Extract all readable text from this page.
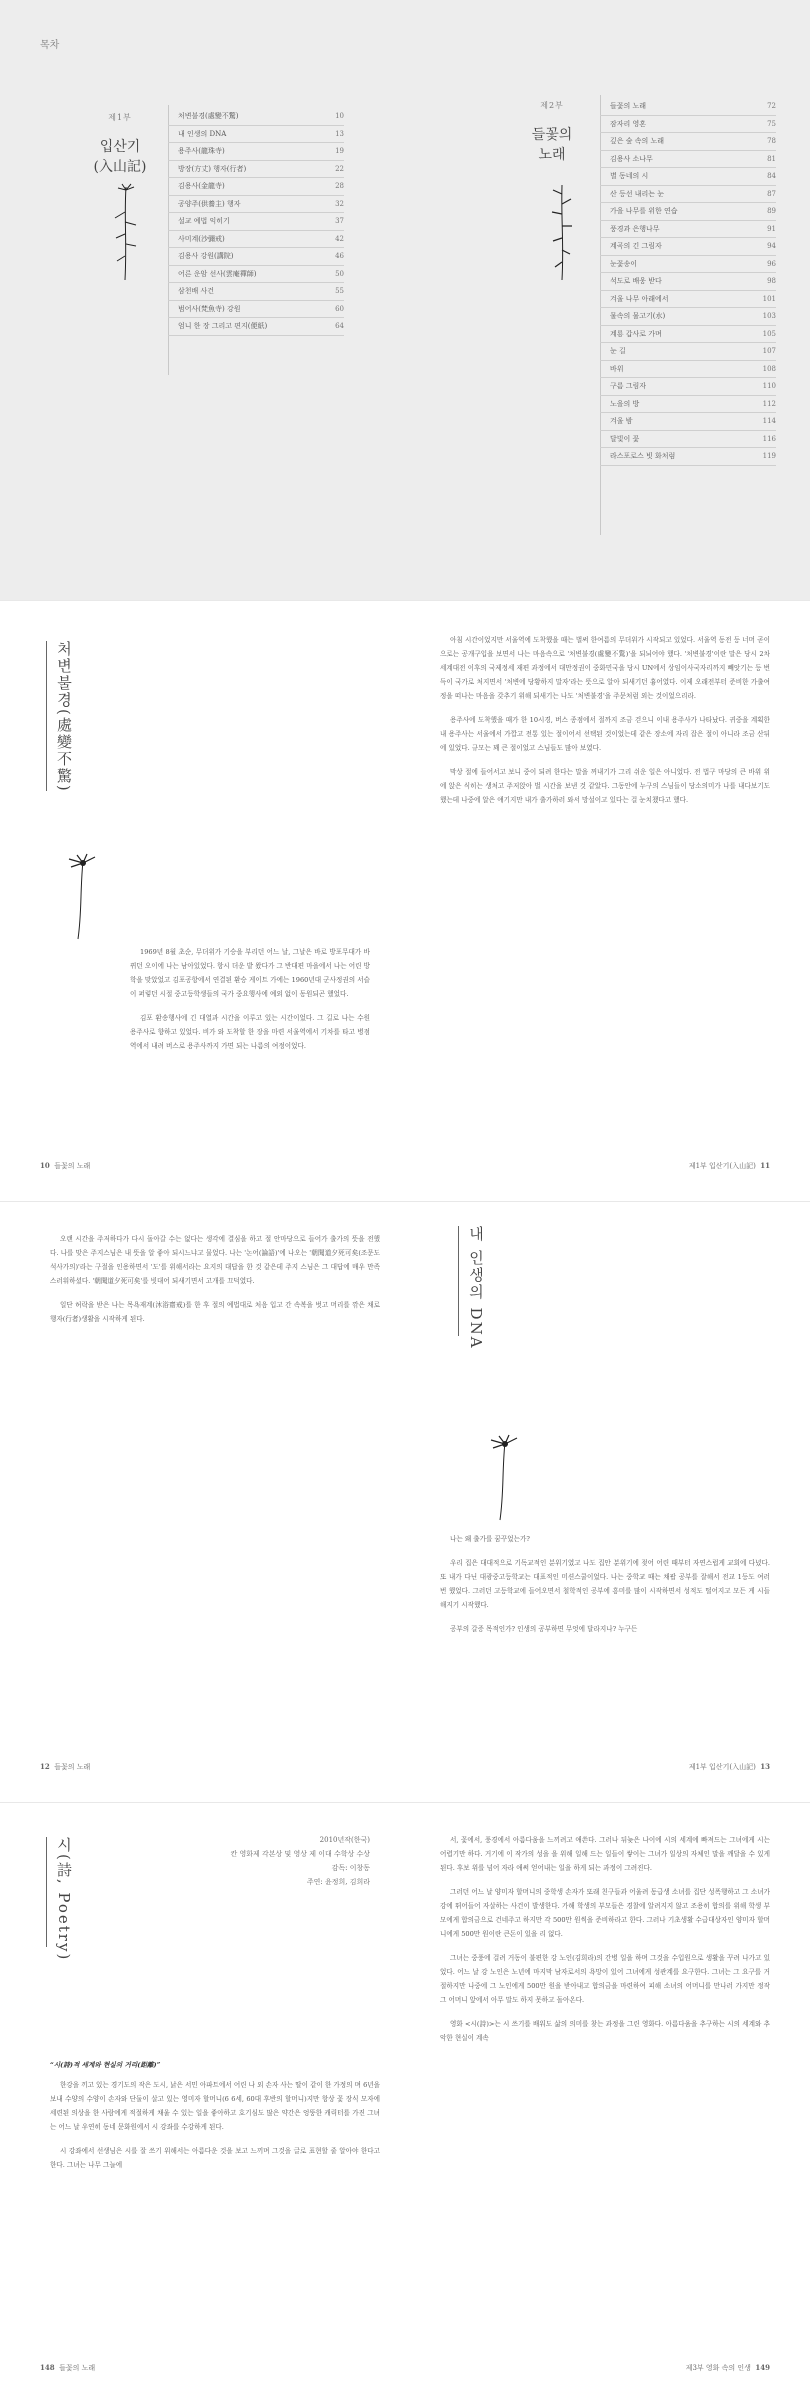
목차
제1부
입산기
(入山記)
처변불경(處變不驚)	10
내 인생의 DNA	13
용주사(龍珠寺)	19
방장(方丈) 행자(行者)	22
김용사(金龍寺)	28
공양주(供養主) 행자	32
설교 예법 익히기	37
사미계(沙彌戒)	42
김용사 강원(講院)	46
어른 운암 선사(雲庵禪師)	50
삼천배 사건	55
범어사(梵魚寺) 강원	60
엄니 한 장 그리고 편지(便紙)	64
제2부
들꽃의
노래
들꽃의 노래	72
잠자리 영혼	75
깊은 숲 속의 노래	78
김용사 소나무	81
별 동네의 시	84
산 등선 내리는 눈	87
가을 나무를 위한 연습	89
풍경과 은행나무	91
계곡의 긴 그림자	94
눈꽃송이	96
석도로 배웅 받다	98
겨울 나무 아래에서	101
물속의 물고기(水)	103
계룡 갑사로 가며	105
눈 길	107
바위	108
구름 그림자	110
노을의 방	112
겨울 밤	114
달빛이 꽃	116
라스포로스 빗 화처럼	119
처변불경(處變不驚)

1969년 8월 초순, 무더위가 기승을 부리던 어느 날, 그날은 바로 방포무대가 바뀌던 오이에 나는 남아있었다. 항시 더운 밭 왔다가 그 반대편 마을에서 나는 어린 방학을 맞았었고 김포공항에서 연결된 환승 게이트 가에는 1960년대 군사정권의 서슬이 퍼렇던 시절 중고등학생들의 국가 중요행사에 예외 없이 동원되곤 했었다.

김포 환송행사에 긴 대열과 시간을 이루고 있는 시간이었다. 그 길로 나는 수원 용주사로 향하고 있었다. 비가 와 도착할 한 장을 마련 서울역에서 기차를 타고 병점역에서 내려 버스로 용주사까지 가면 되는 나름의 여정이었다.

아침 시간이었지만 서울역에 도착했을 때는 벌써 한여름의 무더위가 시작되고 있었다. 서울역 동전 등 너머 곧이으로는 공개구입을 보면서 나는 마음속으로 '처변불경(處變不驚)'을 되뇌어야 했다. '처변불경'이란 말은 당시 2차 세계대전 이후의 국제정세 재편 과정에서 대만정권이 중화민국을 당시 UN에서 상임이사국자리까지 빼앗기는 등 번득이 국가로 처지면서 '처변에 당황하지 말자'라는 뜻으로 알아 되새기던 흉어였다. 이제 오래전부터 준비한 가출여정을 떠나는 마음을 갖추기 위해 되새기는 나도 '처변불경'을 주문처럼 외는 것이었으리라.

용주사에 도착했을 때가 한 10시경, 버스 종점에서 절까지 조금 걷으니 이내 용주사가 나타났다. 귀중을 계획한 내 용주사는 서울에서 가깝고 전통 있는 절이어서 선택된 것이었는데 같은 장소에 자리 잡은 절이 아니라 조금 산뒤에 있었다. 규모는 꽤 큰 절이었고 스님들도 많아 보였다.

막상 절에 들어서고 보니 중이 되려 한다는 말을 꺼내기가 그리 쉬운 일은 아니었다. 전 법구 마당의 큰 바위 위에 앉은 식히는 생처고 주저앉아 벌 시간을 보낸 것 같았다. 그동안에 누구의 스님들이 당소의미가 나를 내다보기도 했는데 나중에 알은 얘기지만 내가 출가하러 와서 망설이고 있다는 걸 눈치챘다고 했다.

10 들꽃의 노래	제1부 입산기(入山記) 11

오랜 시간을 주저하다가 다시 돌아갈 수는 없다는 생각에 결심을 하고 절 안마당으로 들어가 출가의 뜻을 전했다. 나를 맞은 주지스님은 내 뜻을 알 좋아 되시느냐고 물었다. 나는 '논어(論語)'에 나오는 '朝聞道夕死可矣(조문도 석사가의)'라는 구절을 인용하면서 '도'를 위해서라는 요지의 대답을 한 것 같은데 주지 스님은 그 대답에 매우 만족스러워하셨다. '朝聞道夕死可矣'를 빗대어 되새기면서 고개를 끄덕였다.

일단 허락을 받은 나는 목욕재계(沐浴齋戒)를 한 후 절의 예법대로 처음 입고 간 속복을 벗고 머리를 깎은 채로 행자(行者)생활을 시작하게 된다.	내 인생의 DNA

나는 왜 출가를 꿈꾸었는가?

우리 집은 대대적으로 기독교적인 분위기였고 나도 집안 분위기에 젖어 어린 때부터 자연스럽게 교회에 다녔다. 또 내가 다닌 대광중고등학교는 대표적인 미션스쿨이었다. 나는 중학교 때는 채팝 공부를 잘해서 전교 1등도 여러 번 했었다. 그러던 고등학교에 들어오면서 철학적인 공부에 흥미를 많이 시작하면서 성적도 떨어지고 모든 게 시들해지기 시작했다.

공부의 갈증 목적인가? 인생의 공부하면 무엇에 달라지나? 누구든

12 들꽃의 노래	제1부 입산기(入山記) 13
시(詩, Poetry)	2010년작(한국)
칸 영화제 각본상 및 영상 제 이대 수학상 수상
감독: 이창동
주연: 윤정희, 김희라
“시(詩)적 세계와 현실의 거리(距離)”

한강을 끼고 있는 경기도의 작은 도시, 낡은 서민 아파트에서 어린 나 외 손자 사는 딸이 같이 한 가정의 며 6년을 보내 수양의 수양이 손자와 단둘이 살고 있는 영미자 할머니(6 6세, 60대 후반의 할머니)지만 항상 꽃 장식 모자에 세련된 의상을 한 사람에게 적절하게 채울 수 있는 일을 좋아하고 호기심도 많은 약간은 엉뚱한 캐릭터를 가진 그녀는 어느 날 우연히 동네 문화원에서 시 강좌를 수강하게 된다.

시 강좌에서 선생님은 시를 잘 쓰기 위해서는 아름다운 것을 보고 느끼며 그것을 글로 표현할 줄 알아야 한다고 한다. 그녀는 나무 그늘에

서, 꽃에서, 풍경에서 아름다움을 느끼려고 애쓴다. 그러나 뒤늦은 나이에 시의 세계에 빠져드는 그녀에게 시는 어렵기만 하다. 거기에 이 작가의 성을 을 위해 일해 드는 일들이 쌓이는 그녀가 일상의 자체인 말을 깨달을 수 있게 된다. 후보 위를 넘어 자라 애써 얻어내는 일을 하게 되는 과정이 그려진다.

그러던 어느 날 양미자 할머니의 중학생 손자가 또래 친구들과 어울려 동급생 소녀를 집단 성폭행하고 그 소녀가 강에 뛰어들어 자살하는 사건이 발생한다. 가해 학생의 부모들은 경찰에 알려지지 않고 조용히 합의를 위해 학생 부모에게 합의금으로 건네주고 하지만 각 500만 원씩을 준비하라고 한다. 그러나 기초생활 수급대상자인 양미자 할머니에게 500만 원이란 큰돈이 있을 리 없다.

그녀는 중풍에 걸려 거동이 불편한 강 노인(김희라)의 간병 일을 하며 그것을 수입원으로 생활을 꾸려 나가고 있었다. 어느 날 강 노인은 노년에 마지막 남자로서의 욕망이 있어 그녀에게 성관계를 요구한다. 그녀는 그 요구를 거절하지만 나중에 그 노인에게 500만 원을 받아내고 합의금을 마련하여 피해 소녀의 어머니를 만나러 가지만 정작 그 어머니 앞에서 아무 말도 하지 못하고 돌아온다.

영화 <시(詩)>는 시 쓰기를 배워도 삶의 의미를 찾는 과정을 그린 영화다. 아름다움을 추구하는 시의 세계와 추악한 현실이 계속

148 들꽃의 노래	제3부 영화 속의 인생 149
